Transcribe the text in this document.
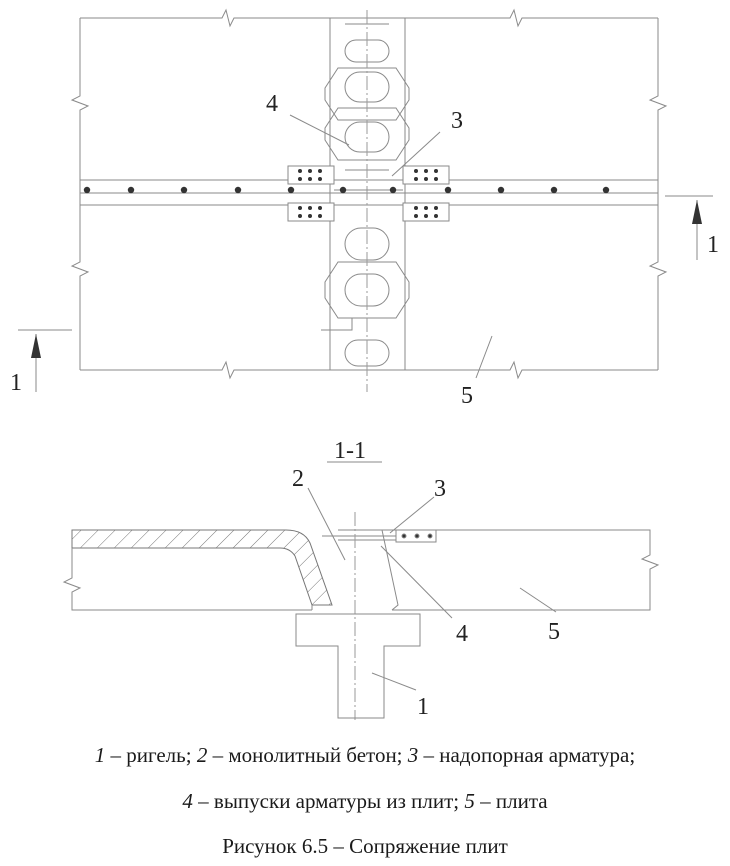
4
3
5
1
1
1-1
2	3
4	5
1
1 – ригель; 2 – монолитный бетон; 3 – надопорная арматура;
4 – выпуски арматуры из плит; 5 – плита
Рисунок 6.5 – Сопряжение плит
